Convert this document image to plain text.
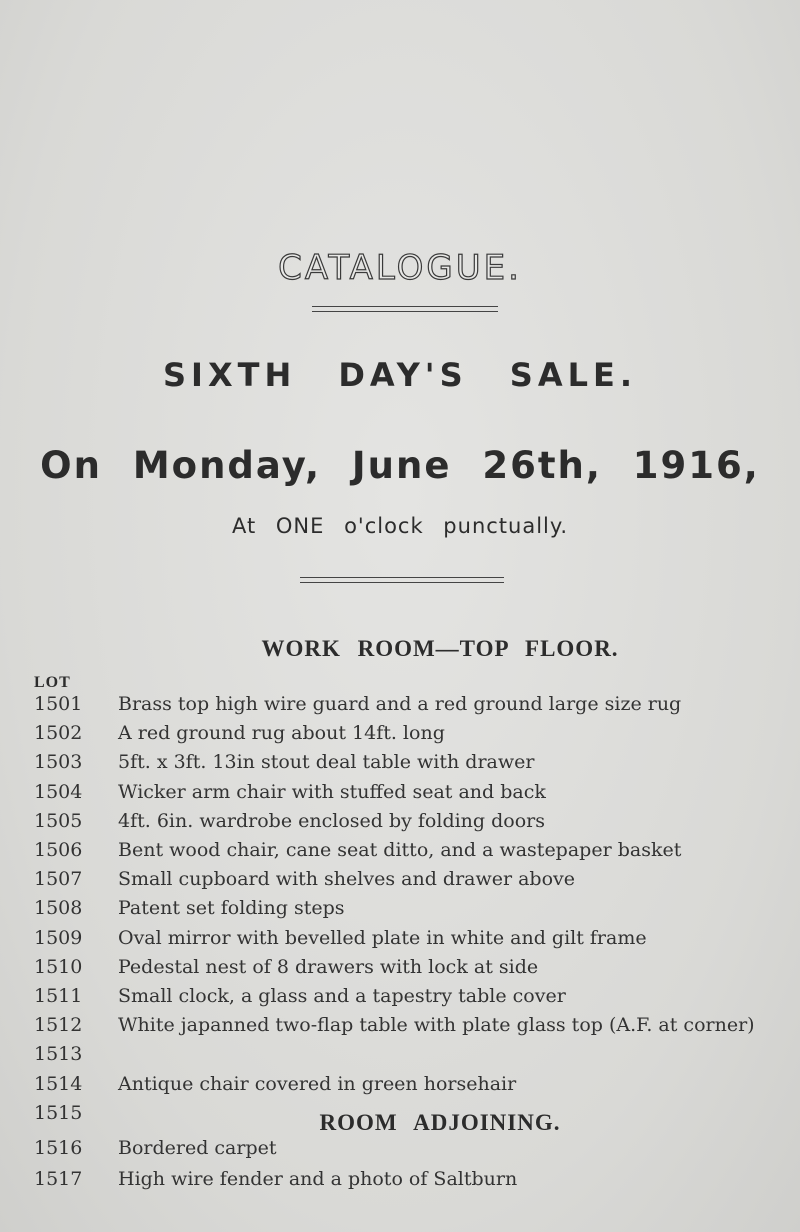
CATALOGUE.
SIXTH DAY'S SALE.
On Monday, June 26th, 1916,
At ONE o'clock punctually.
WORK ROOM—TOP FLOOR.
LOT
1501 Brass top high wire guard and a red ground large size rug
1502 A red ground rug about 14ft. long
1503 5ft. x 3ft. 13in stout deal table with drawer
1504 Wicker arm chair with stuffed seat and back
1505 4ft. 6in. wardrobe enclosed by folding doors
1506 Bent wood chair, cane seat ditto, and a wastepaper basket
1507 Small cupboard with shelves and drawer above
1508 Patent set folding steps
1509 Oval mirror with bevelled plate in white and gilt frame
1510 Pedestal nest of 8 drawers with lock at side
1511 Small clock, a glass and a tapestry table cover
1512 White japanned two-flap table with plate glass top (A.F. at corner)
1513
1514 Antique chair covered in green horsehair
1515	ROOM ADJOINING.
1516 Bordered carpet
1517 High wire fender and a photo of Saltburn
